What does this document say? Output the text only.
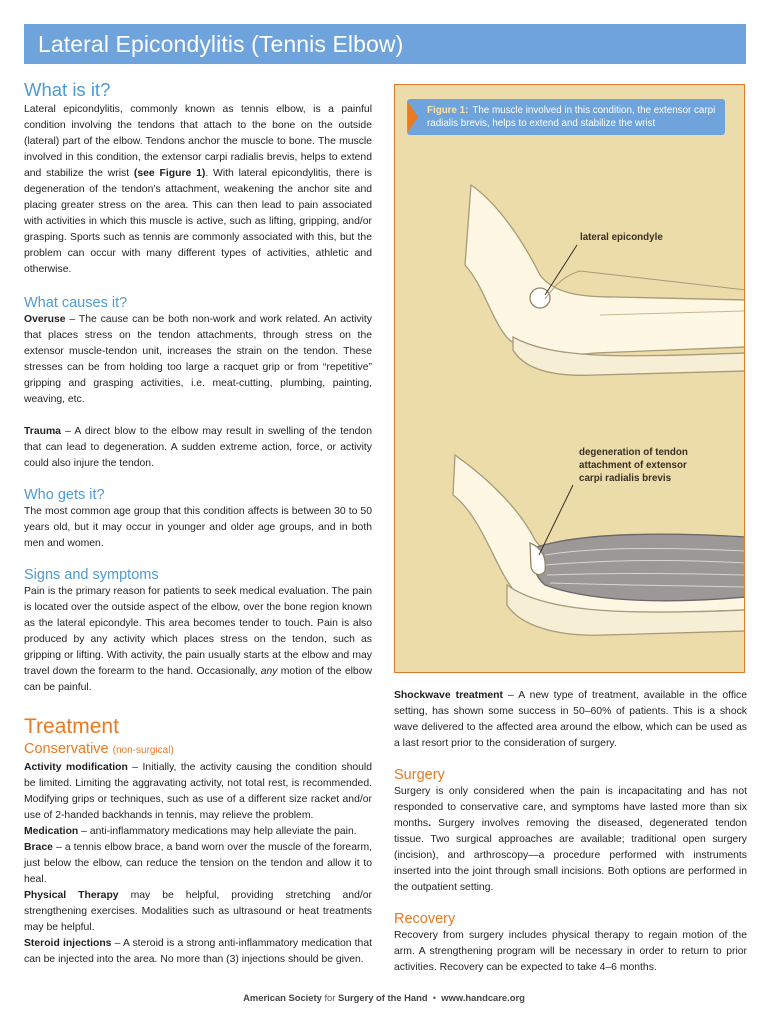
Lateral Epicondylitis (Tennis Elbow)
What is it?

Lateral epicondylitis, commonly known as tennis elbow, is a painful condition involving the tendons that attach to the bone on the outside (lateral) part of the elbow. Tendons anchor the muscle to bone. The muscle involved in this condition, the extensor carpi radialis brevis, helps to extend and stabilize the wrist (see Figure 1). With lateral epicondylitis, there is degeneration of the tendon’s attachment, weakening the anchor site and placing greater stress on the area. This can then lead to pain associated with activities in which this muscle is active, such as lifting, gripping, and/or grasping. Sports such as tennis are commonly associated with this, but the problem can occur with many different types of activities, athletic and otherwise.

What causes it?

Overuse – The cause can be both non-work and work related. An activity that places stress on the tendon attachments, through stress on the extensor muscle-tendon unit, increases the strain on the tendon. These stresses can be from holding too large a racquet grip or from “repetitive” gripping and grasping activities, i.e. meat-cutting, plumbing, painting, weaving, etc.

Trauma – A direct blow to the elbow may result in swelling of the tendon that can lead to degeneration. A sudden extreme action, force, or activity could also injure the tendon.

Who gets it?

The most common age group that this condition affects is between 30 to 50 years old, but it may occur in younger and older age groups, and in both men and women.

Signs and symptoms

Pain is the primary reason for patients to seek medical evaluation. The pain is located over the outside aspect of the elbow, over the bone region known as the lateral epicondyle. This area becomes tender to touch. Pain is also produced by any activity which places stress on the tendon, such as gripping or lifting. With activity, the pain usually starts at the elbow and may travel down the forearm to the hand. Occasionally, any motion of the elbow can be painful.

Treatment
Conservative (non-surgical)

Activity modification – Initially, the activity causing the condition should be limited. Limiting the aggravating activity, not total rest, is recommended. Modifying grips or techniques, such as use of a different size racket and/or use of 2-handed backhands in tennis, may relieve the problem.

Medication – anti-inflammatory medications may help alleviate the pain.

Brace – a tennis elbow brace, a band worn over the muscle of the forearm, just below the elbow, can reduce the tension on the tendon and allow it to heal.

Physical Therapy may be helpful, providing stretching and/or strengthening exercises. Modalities such as ultrasound or heat treatments may be helpful.

Steroid injections – A steroid is a strong anti-inflammatory medication that can be injected into the area. No more than (3) injections should be given.

Figure 1: The muscle involved in this condition, the extensor carpi radialis brevis, helps to extend and stabilize the wrist
lateral epicondyle
degeneration of tendon
attachment of extensor
carpi radialis brevis

Shockwave treatment – A new type of treatment, available in the office setting, has shown some success in 50–60% of patients. This is a shock wave delivered to the affected area around the elbow, which can be used as a last resort prior to the consideration of surgery.

Surgery

Surgery is only considered when the pain is incapacitating and has not responded to conservative care, and symptoms have lasted more than six months. Surgery involves removing the diseased, degenerated tendon tissue. Two surgical approaches are available; traditional open surgery (incision), and arthroscopy—a procedure performed with instruments inserted into the joint through small incisions. Both options are performed in the outpatient setting.

Recovery

Recovery from surgery includes physical therapy to regain motion of the arm. A strengthening program will be necessary in order to return to prior activities. Recovery can be expected to take 4–6 months.

American Society for Surgery of the Hand  •  www.handcare.org
